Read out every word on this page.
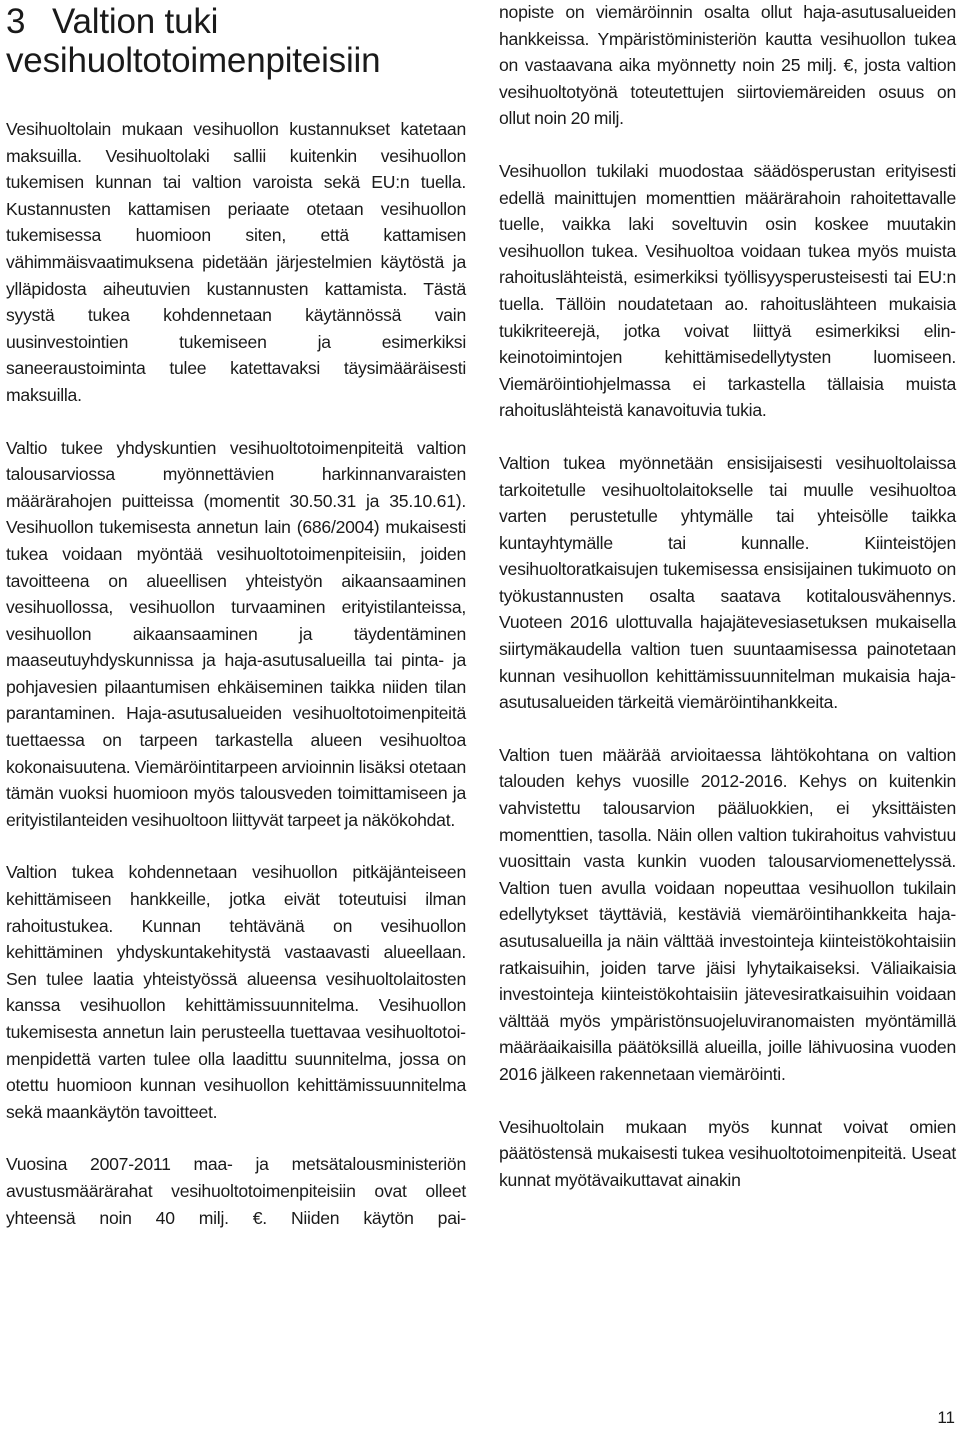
3 Valtion tuki
vesihuoltotoimenpiteisiin

Vesihuoltolain mukaan vesihuollon kustannukset katetaan maksuilla. Vesihuoltolaki sallii kuitenkin vesihuollon tukemisen kunnan tai valtion varoista sekä EU:n tuella. Kustannusten kattamisen periaate otetaan vesihuollon tukemisessa huomioon siten, että kattamisen vähimmäisvaatimuksena pidetään järjestelmien käytöstä ja ylläpidosta aiheutuvien kustannusten kattamista. Tästä syystä tukea kohdennetaan käytännössä vain uusinvestointien tukemiseen ja esimerkiksi saneeraustoiminta tulee katettavaksi täysimääräisesti maksuilla.

Valtio tukee yhdyskuntien vesihuoltotoimenpiteitä valtion talousarviossa myönnettävien harkinnanvaraisten määrärahojen puitteissa (momentit 30.50.31 ja 35.10.61). Vesihuollon tukemisesta annetun lain (686/2004) mukaisesti tukea voidaan myöntää vesihuoltotoimenpiteisiin, joiden tavoitteena on alueellisen yhteistyön aikaansaaminen vesihuollossa, vesihuollon turvaaminen erityistilanteissa, vesihuollon aikaansaaminen ja täydentäminen maaseutuyhdyskunnissa ja haja-asutusalueilla tai pinta- ja pohjavesien pilaantumisen ehkäiseminen taikka niiden tilan parantaminen. Haja-asutusalueiden vesihuoltotoimenpiteitä tuettaessa on tarpeen tarkastella alueen vesihuoltoa kokonaisuutena. Viemäröintitarpeen arvioinnin lisäksi otetaan tämän vuoksi huomioon myös talousveden toimittamiseen ja erityistilanteiden vesihuoltoon liittyvät tarpeet ja näkökohdat.

Valtion tukea kohdennetaan vesihuollon pitkäjänteiseen kehittämiseen hankkeille, jotka eivät toteutuisi ilman rahoitustukea. Kunnan tehtävänä on vesihuollon kehittäminen yhdyskuntakehitystä vastaavasti alueellaan. Sen tulee laatia yhteistyössä alueensa vesihuoltolaitosten kanssa vesihuollon kehittämissuunnitelma. Vesihuollon tukemisesta annetun lain perusteella tuettavaa vesihuoltotoimenpidettä varten tulee olla laadittu suunnitelma, jossa on otettu huomioon kunnan vesihuollon kehittämissuunnitelma sekä maankäytön tavoitteet.

Vuosina 2007-2011 maa- ja metsätalousministeriön avustusmäärärahat vesihuoltotoimenpiteisiin ovat olleet yhteensä noin 40 milj. €. Niiden käytön pai-

nopiste on viemäröinnin osalta ollut haja-asutusalueiden hankkeissa. Ympäristöministeriön kautta vesihuollon tukea on vastaavana aika myönnetty noin 25 milj. €, josta valtion vesihuoltotyönä toteutettujen siirtoviemäreiden osuus on ollut noin 20 milj.

Vesihuollon tukilaki muodostaa säädösperustan erityisesti edellä mainittujen momenttien määrärahoin rahoitettavalle tuelle, vaikka laki soveltuvin osin koskee muutakin vesihuollon tukea. Vesihuoltoa voidaan tukea myös muista rahoituslähteistä, esimerkiksi työllisyysperusteisesti tai EU:n tuella. Tällöin noudatetaan ao. rahoituslähteen mukaisia tukikriteerejä, jotka voivat liittyä esimerkiksi elinkeinotoimintojen kehittämisedellytysten luomiseen. Viemäröintiohjelmassa ei tarkastella tällaisia muista rahoituslähteistä kanavoituvia tukia.

Valtion tukea myönnetään ensisijaisesti vesihuoltolaissa tarkoitetulle vesihuoltolaitokselle tai muulle vesihuoltoa varten perustetulle yhtymälle tai yhteisölle taikka kuntayhtymälle tai kunnalle. Kiinteistöjen vesihuoltoratkaisujen tukemisessa ensisijainen tukimuoto on työkustannusten osalta saatava kotitalousvähennys. Vuoteen 2016 ulottuvalla hajajätevesiasetuksen mukaisella siirtymäkaudella valtion tuen suuntaamisessa painotetaan kunnan vesihuollon kehittämissuunnitelman mukaisia hajaasutusalueiden tärkeitä viemäröintihankkeita.

Valtion tuen määrää arvioitaessa lähtökohtana on valtion talouden kehys vuosille 2012-2016. Kehys on kuitenkin vahvistettu talousarvion pääluokkien, ei yksittäisten momenttien, tasolla. Näin ollen valtion tukirahoitus vahvistuu vuosittain vasta kunkin vuoden talousarviomenettelyssä. Valtion tuen avulla voidaan nopeuttaa vesihuollon tukilain edellytykset täyttäviä, kestäviä viemäröintihankkeita haja-asutusalueilla ja näin välttää investointeja kiinteistökohtaisiin ratkaisuihin, joiden tarve jäisi lyhytaikaiseksi. Väliaikaisia investointeja kiinteistökohtaisiin jätevesiratkaisuihin voidaan välttää myös ympäristönsuojeluviranomaisten myöntämillä määräaikaisilla päätöksillä alueilla, joille lähivuosina vuoden 2016 jälkeen rakennetaan viemäröinti.

Vesihuoltolain mukaan myös kunnat voivat omien päätöstensä mukaisesti tukea vesihuoltotoimenpiteitä. Useat kunnat myötävaikuttavat ainakin

11
